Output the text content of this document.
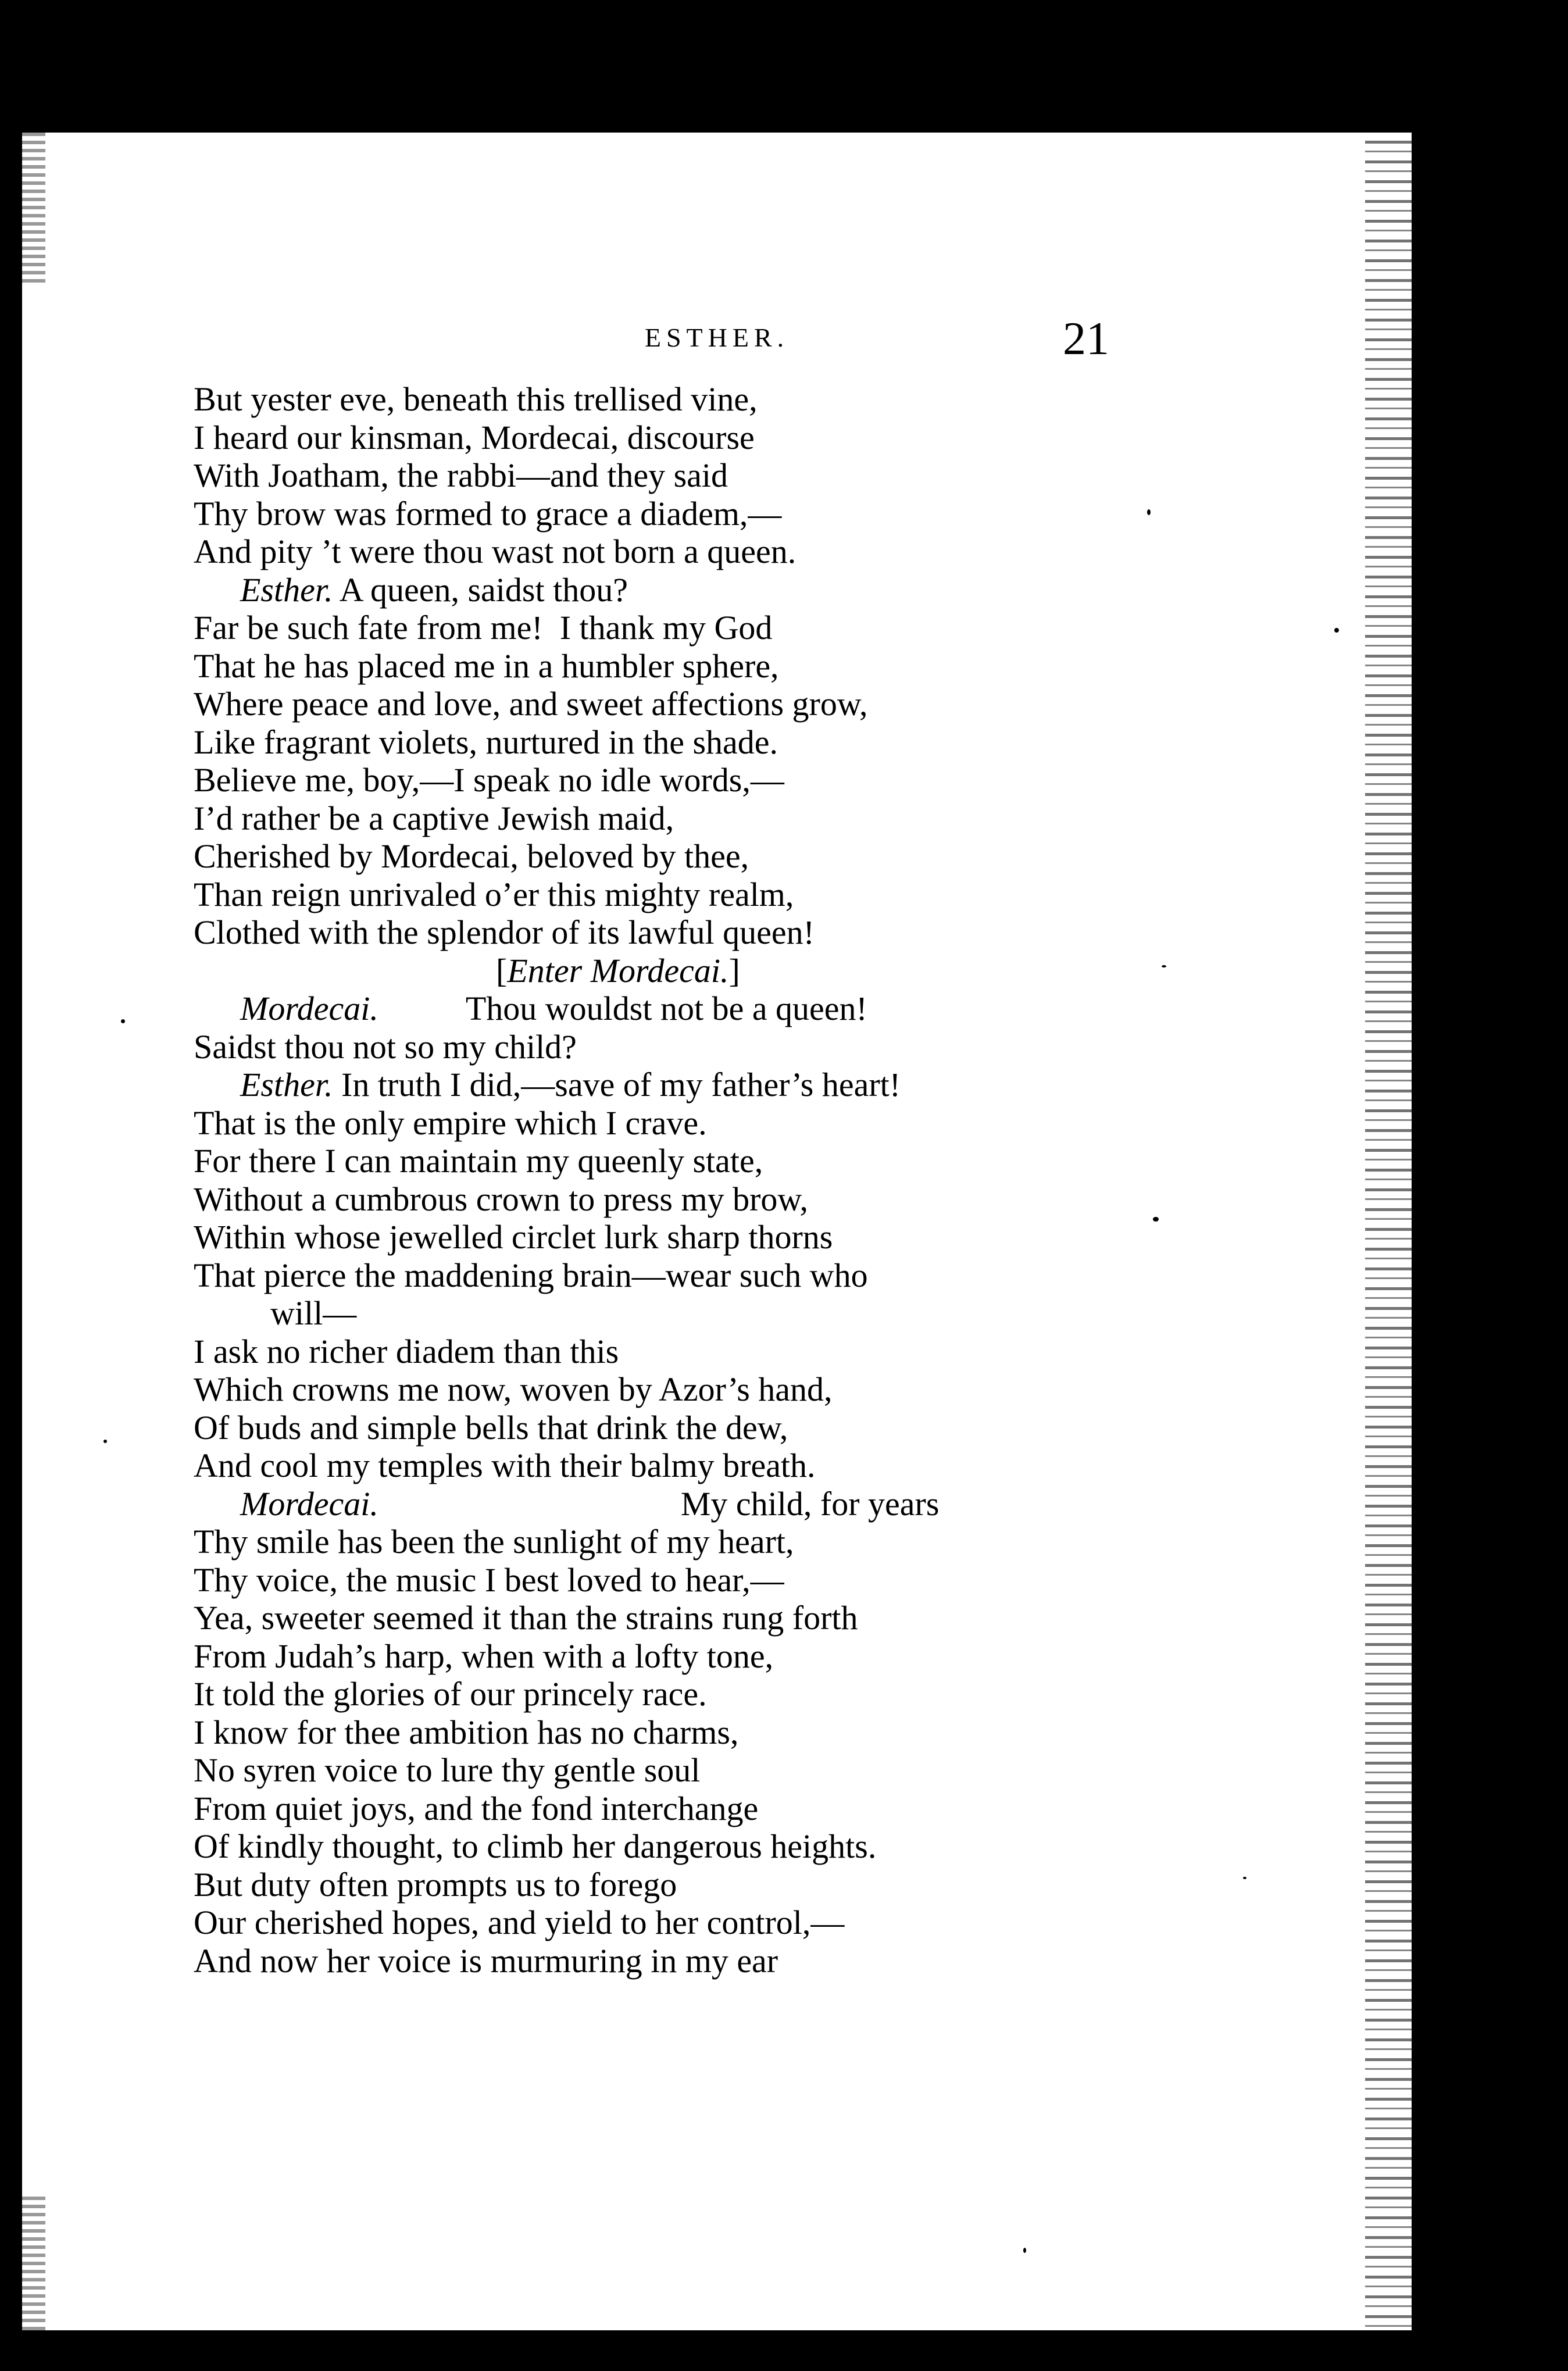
ESTHER.	21
But yester eve, beneath this trellised vine,
I heard our kinsman, Mordecai, discourse
With Joatham, the rabbi—and they said
Thy brow was formed to grace a diadem,—
And pity ’t were thou wast not born a queen.
Esther. A queen, saidst thou?
Far be such fate from me!  I thank my God
That he has placed me in a humbler sphere,
Where peace and love, and sweet affections grow,
Like fragrant violets, nurtured in the shade.
Believe me, boy,—I speak no idle words,—
I’d rather be a captive Jewish maid,
Cherished by Mordecai, beloved by thee,
Than reign unrivaled o’er this mighty realm,
Clothed with the splendor of its lawful queen!
[Enter Mordecai.]
Mordecai.	Thou wouldst not be a queen!
Saidst thou not so my child?
Esther. In truth I did,—save of my father’s heart!
That is the only empire which I crave.
For there I can maintain my queenly state,
Without a cumbrous crown to press my brow,
Within whose jewelled circlet lurk sharp thorns
That pierce the maddening brain—wear such who
will—
I ask no richer diadem than this
Which crowns me now, woven by Azor’s hand,
Of buds and simple bells that drink the dew,
And cool my temples with their balmy breath.
Mordecai.	My child, for years
Thy smile has been the sunlight of my heart,
Thy voice, the music I best loved to hear,—
Yea, sweeter seemed it than the strains rung forth
From Judah’s harp, when with a lofty tone,
It told the glories of our princely race.
I know for thee ambition has no charms,
No syren voice to lure thy gentle soul
From quiet joys, and the fond interchange
Of kindly thought, to climb her dangerous heights.
But duty often prompts us to forego
Our cherished hopes, and yield to her control,—
And now her voice is murmuring in my ear
